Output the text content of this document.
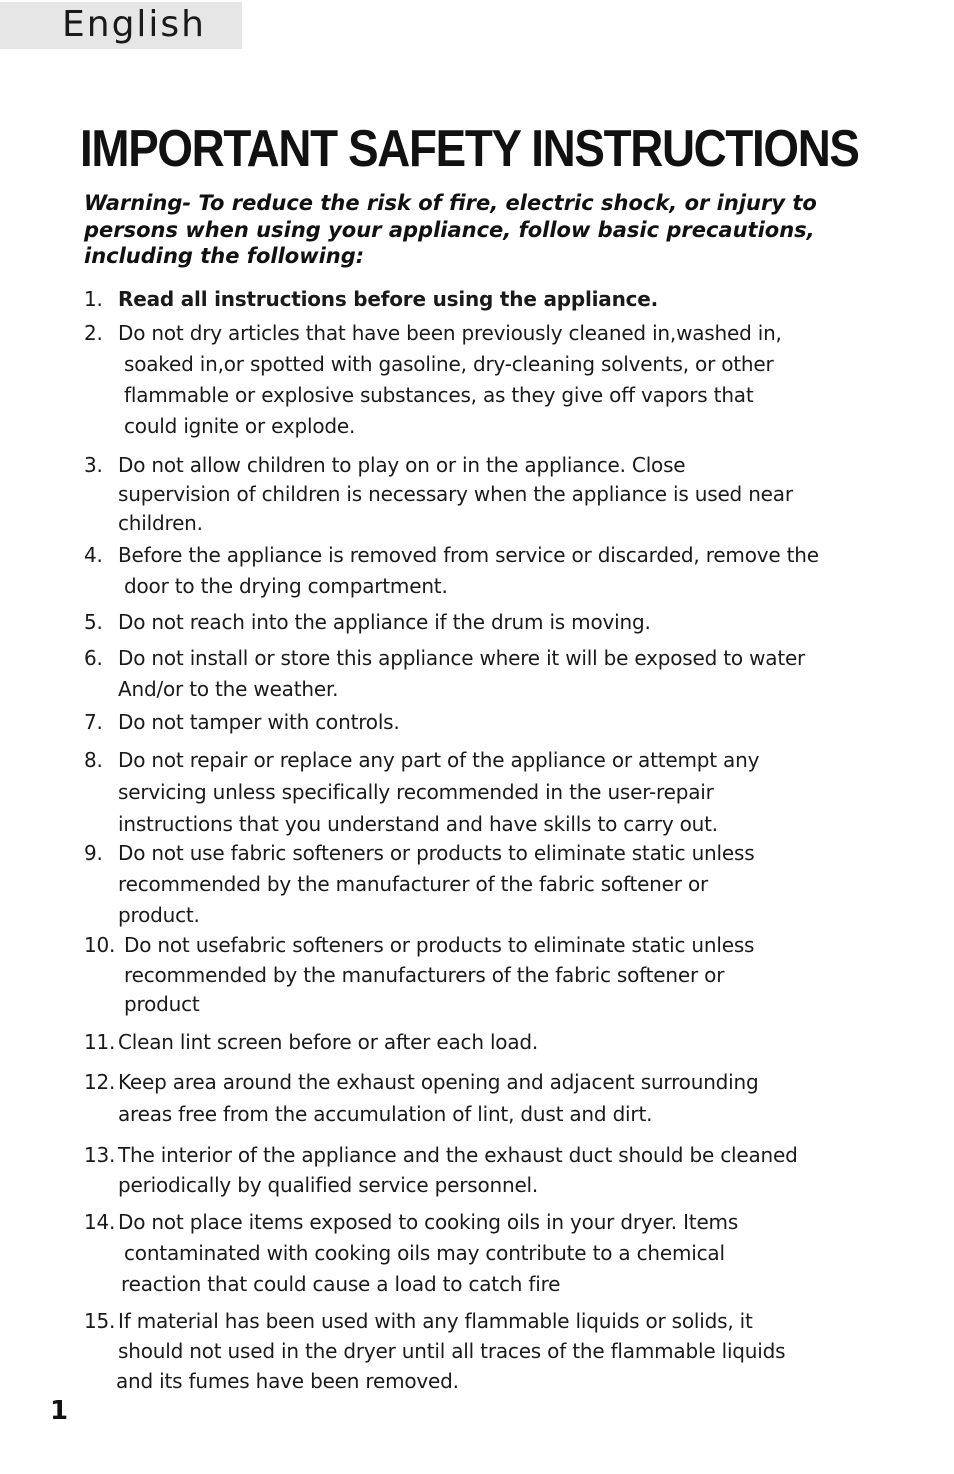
English
IMPORTANT SAFETY INSTRUCTIONS
Warning- To reduce the risk of fire, electric shock, or injury to persons when using your appliance, follow basic precautions, including the following:
1. Read all instructions before using the appliance.
2. Do not dry articles that have been previously cleaned in,washed in,
soaked in,or spotted with gasoline, dry-cleaning solvents, or other
flammable or explosive substances, as they give off vapors that
could ignite or explode.
3. Do not allow children to play on or in the appliance. Close
supervision of children is necessary when the appliance is used near
children.
4. Before the appliance is removed from service or discarded, remove the
door to the drying compartment.
5. Do not reach into the appliance if the drum is moving.
6. Do not install or store this appliance where it will be exposed to water
And/or to the weather.
7. Do not tamper with controls.
8. Do not repair or replace any part of the appliance or attempt any
servicing unless specifically recommended in the user-repair
instructions that you understand and have skills to carry out.
9. Do not use fabric softeners or products to eliminate static unless
recommended by the manufacturer of the fabric softener or
product.
10. Do not usefabric softeners or products to eliminate static unless
recommended by the manufacturers of the fabric softener or
product
11. Clean lint screen before or after each load.
12. Keep area around the exhaust opening and adjacent surrounding
areas free from the accumulation of lint, dust and dirt.
13. The interior of the appliance and the exhaust duct should be cleaned
periodically by qualified service personnel.
14. Do not place items exposed to cooking oils in your dryer. Items
contaminated with cooking oils may contribute to a chemical
reaction that could cause a load to catch fire
15. If material has been used with any flammable liquids or solids, it
should not used in the dryer until all traces of the flammable liquids
and its fumes have been removed.
1
